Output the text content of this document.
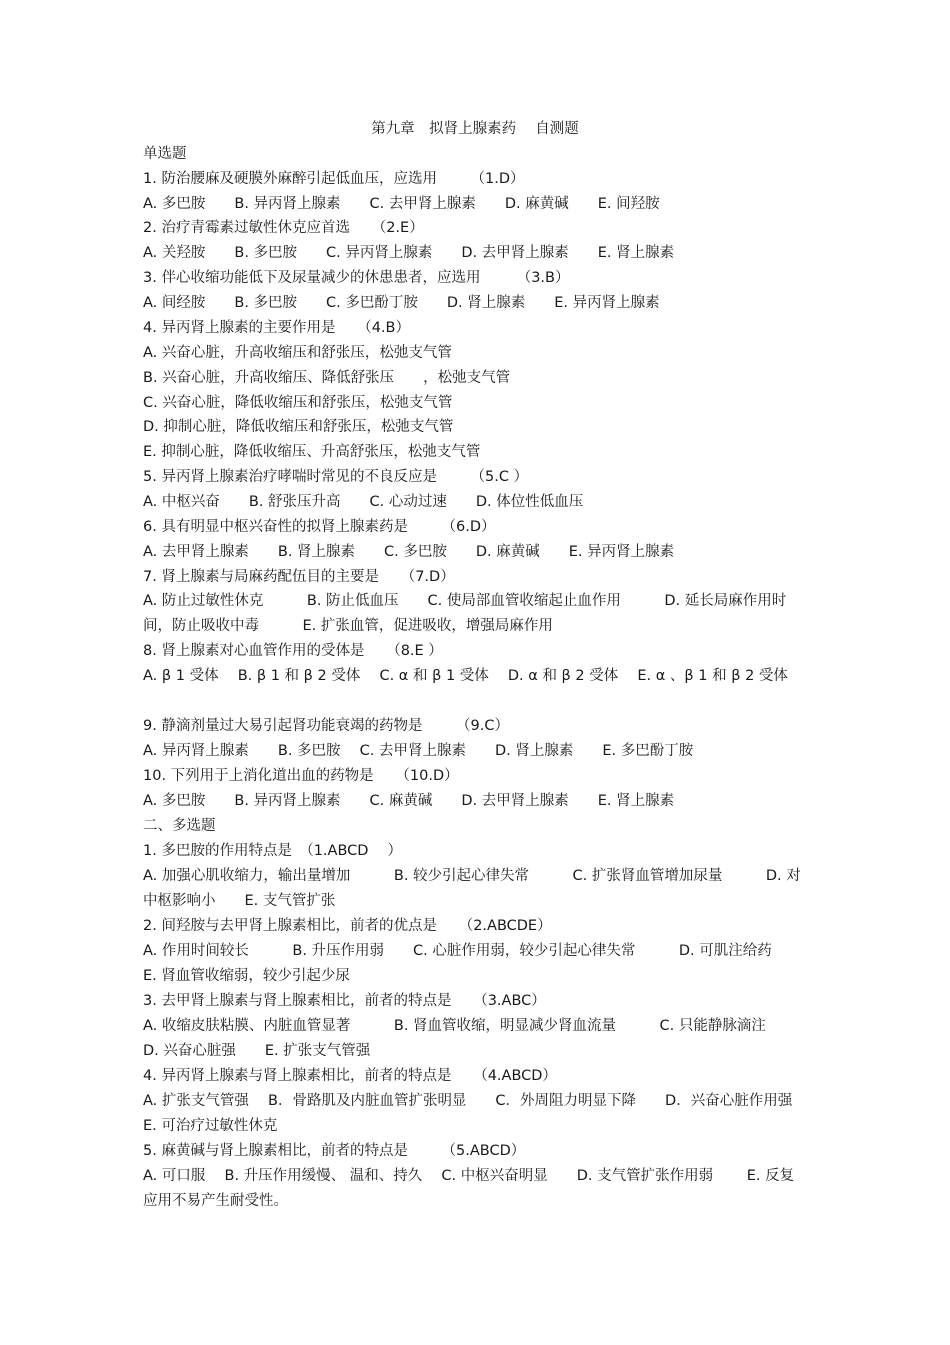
第九章　拟肾上腺素药　 自测题
单选题
1. 防治腰麻及硬膜外麻醉引起低血压，应选用　　 （1.D）
A. 多巴胺　　B. 异丙肾上腺素　　C. 去甲肾上腺素　　D. 麻黄碱　　E. 间羟胺
2. 治疗青霉素过敏性休克应首选　　（2.E）
A. 关羟胺　　B. 多巴胺　　C. 异丙肾上腺素　　D. 去甲肾上腺素　　E. 肾上腺素
3. 伴心收缩功能低下及尿量减少的休患患者，应选用　　　（3.B）
A. 间经胺　　B. 多巴胺　　C. 多巴酚丁胺　　D. 肾上腺素　　E. 异丙肾上腺素
4. 异丙肾上腺素的主要作用是　　（4.B）
A. 兴奋心脏，升高收缩压和舒张压，松弛支气管
B. 兴奋心脏，升高收缩压、降低舒张压　　，松弛支气管
C. 兴奋心脏，降低收缩压和舒张压，松弛支气管
D. 抑制心脏，降低收缩压和舒张压，松弛支气管
E. 抑制心脏，降低收缩压、升高舒张压，松弛支气管
5. 异丙肾上腺素治疗哮喘时常见的不良反应是　　 （5.C ）
A. 中枢兴奋　　B. 舒张压升高　　C. 心动过速　　D. 体位性低血压
6. 具有明显中枢兴奋性的拟肾上腺素药是　　 （6.D）
A. 去甲肾上腺素　　B. 肾上腺素　　C. 多巴胺　　D. 麻黄碱　　E. 异丙肾上腺素
7. 肾上腺素与局麻药配伍目的主要是　　（7.D）
A. 防止过敏性休克　　　B. 防止低血压　　C. 使局部血管收缩起止血作用　　　D. 延长局麻作用时间，防止吸收中毒　　　E. 扩张血管，促进吸收，增强局麻作用
8. 肾上腺素对心血管作用的受体是　　（8.E ）
A. β 1 受体　 B. β 1 和 β 2 受体　 C. α 和 β 1 受体　 D. α 和 β 2 受体　 E. α 、β 1 和 β 2 受体
9. 静滴剂量过大易引起肾功能衰竭的药物是　　 （9.C）
A. 异丙肾上腺素　　B. 多巴胺　 C. 去甲肾上腺素　　D. 肾上腺素　　E. 多巴酚丁胺
10. 下列用于上消化道出血的药物是　　（10.D）
A. 多巴胺　　B. 异丙肾上腺素　　C. 麻黄碱　　D. 去甲肾上腺素　　E. 肾上腺素
二、多选题
1. 多巴胺的作用特点是　（1.ABCD　 ）
A. 加强心肌收缩力，输出量增加　　　B. 较少引起心律失常　　　C. 扩张肾血管增加尿量　　　D. 对中枢影响小　　E. 支气管扩张
2. 间羟胺与去甲肾上腺素相比，前者的优点是　　（2.ABCDE）
A. 作用时间较长　　　B. 升压作用弱　　C. 心脏作用弱，较少引起心律失常　　　D. 可肌注给药　　　E. 肾血管收缩弱，较少引起少尿
3. 去甲肾上腺素与肾上腺素相比，前者的特点是　　（3.ABC）
A. 收缩皮肤粘膜、内脏血管显著　　　B. 肾血管收缩，明显减少肾血流量　　　C. 只能静脉滴注　　D. 兴奋心脏强　　E. 扩张支气管强
4. 异丙肾上腺素与肾上腺素相比，前者的特点是　　（4.ABCD）
A. 扩张支气管强　 B．骨路肌及内脏血管扩张明显　　C．外周阻力明显下降　　D．兴奋心脏作用强　 E. 可治疗过敏性休克
5. 麻黄碱与肾上腺素相比，前者的特点是　　 （5.ABCD）
A. 可口服　 B. 升压作用缓慢、 温和、持久　 C. 中枢兴奋明显　　D. 支气管扩张作用弱　　 E. 反复应用不易产生耐受性。
